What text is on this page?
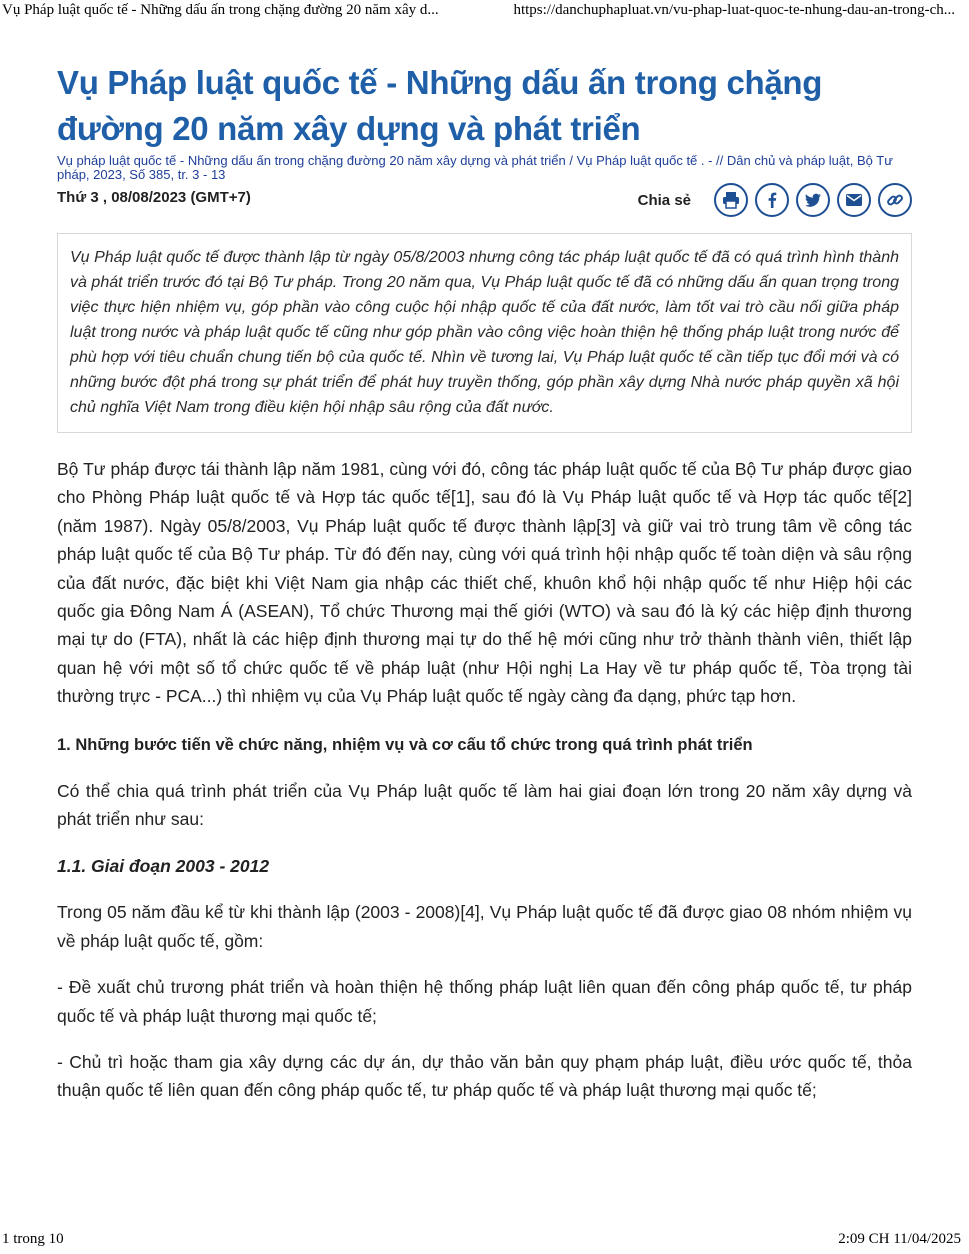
Vụ Pháp luật quốc tế - Những dấu ấn trong chặng đường 20 năm xây d...	https://danchuphapluat.vn/vu-phap-luat-quoc-te-nhung-dau-an-trong-ch...
Vụ Pháp luật quốc tế - Những dấu ấn trong chặng đường 20 năm xây dựng và phát triển
Vụ pháp luật quốc tế - Những dấu ấn trong chặng đường 20 năm xây dựng và phát triển / Vụ Pháp luật quốc tế . - // Dân chủ và pháp luật, Bộ Tư pháp, 2023, Số 385, tr. 3 - 13
Thứ 3 , 08/08/2023 (GMT+7)	Chia sẻ
Vụ Pháp luật quốc tế được thành lập từ ngày 05/8/2003 nhưng công tác pháp luật quốc tế đã có quá trình hình thành và phát triển trước đó tại Bộ Tư pháp. Trong 20 năm qua, Vụ Pháp luật quốc tế đã có những dấu ấn quan trọng trong việc thực hiện nhiệm vụ, góp phần vào công cuộc hội nhập quốc tế của đất nước, làm tốt vai trò cầu nối giữa pháp luật trong nước và pháp luật quốc tế cũng như góp phần vào công việc hoàn thiện hệ thống pháp luật trong nước để phù hợp với tiêu chuẩn chung tiến bộ của quốc tế. Nhìn về tương lai, Vụ Pháp luật quốc tế cần tiếp tục đổi mới và có những bước đột phá trong sự phát triển để phát huy truyền thống, góp phần xây dựng Nhà nước pháp quyền xã hội chủ nghĩa Việt Nam trong điều kiện hội nhập sâu rộng của đất nước.

Bộ Tư pháp được tái thành lập năm 1981, cùng với đó, công tác pháp luật quốc tế của Bộ Tư pháp được giao cho Phòng Pháp luật quốc tế và Hợp tác quốc tế[1], sau đó là Vụ Pháp luật quốc tế và Hợp tác quốc tế[2] (năm 1987). Ngày 05/8/2003, Vụ Pháp luật quốc tế được thành lập[3] và giữ vai trò trung tâm về công tác pháp luật quốc tế của Bộ Tư pháp. Từ đó đến nay, cùng với quá trình hội nhập quốc tế toàn diện và sâu rộng của đất nước, đặc biệt khi Việt Nam gia nhập các thiết chế, khuôn khổ hội nhập quốc tế như Hiệp hội các quốc gia Đông Nam Á (ASEAN), Tổ chức Thương mại thế giới (WTO) và sau đó là ký các hiệp định thương mại tự do (FTA), nhất là các hiệp định thương mại tự do thế hệ mới cũng như trở thành thành viên, thiết lập quan hệ với một số tổ chức quốc tế về pháp luật (như Hội nghị La Hay về tư pháp quốc tế, Tòa trọng tài thường trực - PCA...) thì nhiệm vụ của Vụ Pháp luật quốc tế ngày càng đa dạng, phức tạp hơn.

1. Những bước tiến về chức năng, nhiệm vụ và cơ cấu tổ chức trong quá trình phát triển

Có thể chia quá trình phát triển của Vụ Pháp luật quốc tế làm hai giai đoạn lớn trong 20 năm xây dựng và phát triển như sau:

1.1. Giai đoạn 2003 - 2012

Trong 05 năm đầu kể từ khi thành lập (2003 - 2008)[4], Vụ Pháp luật quốc tế đã được giao 08 nhóm nhiệm vụ về pháp luật quốc tế, gồm:

- Đề xuất chủ trương phát triển và hoàn thiện hệ thống pháp luật liên quan đến công pháp quốc tế, tư pháp quốc tế và pháp luật thương mại quốc tế;

- Chủ trì hoặc tham gia xây dựng các dự án, dự thảo văn bản quy phạm pháp luật, điều ước quốc tế, thỏa thuận quốc tế liên quan đến công pháp quốc tế, tư pháp quốc tế và pháp luật thương mại quốc tế;

1 trong 10	2:09 CH 11/04/2025
